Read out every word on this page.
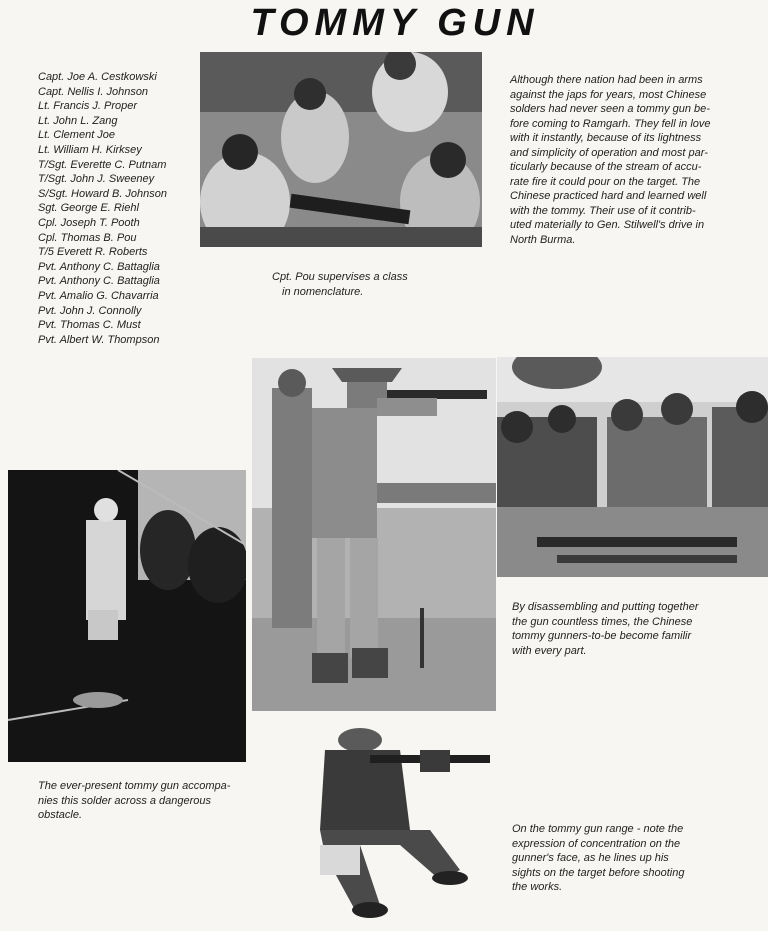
TOMMY GUN
Capt. Joe A. Cestkowski
Capt. Nellis I. Johnson
Lt. Francis J. Proper
Lt. John L. Zang
Lt. Clement Joe
Lt. William H. Kirksey
T/Sgt. Everette C. Putnam
T/Sgt. John J. Sweeney
S/Sgt. Howard B. Johnson
Sgt. George E. Riehl
Cpl. Joseph T. Pooth
Cpl. Thomas B. Pou
T/5 Everett R. Roberts
Pvt. Anthony C. Battaglia
Pvt. Anthony C. Battaglia
Pvt. Amalio G. Chavarria
Pvt. John J. Connolly
Pvt. Thomas C. Must
Pvt. Albert W. Thompson
Cpt. Pou supervises a class
in nomenclature.
Although there nation had been in arms
against the japs for years, most Chinese
solders had never seen a tommy gun be-
fore coming to Ramgarh. They fell in love
with it instantly, because of its lightness
and simplicity of operation and most par-
ticularly because of the stream of accu-
rate fire it could pour on the target. The
Chinese practiced hard and learned well
with the tommy. Their use of it contrib-
uted materially to Gen. Stilwell's drive in
North Burma.
By disassembling and putting together
the gun countless times, the Chinese
tommy gunners-to-be become familir
with every part.
The ever-present tommy gun accompa-
nies this solder across a dangerous
obstacle.
On the tommy gun range - note the
expression of concentration on the
gunner's face, as he lines up his
sights on the target before shooting
the works.
